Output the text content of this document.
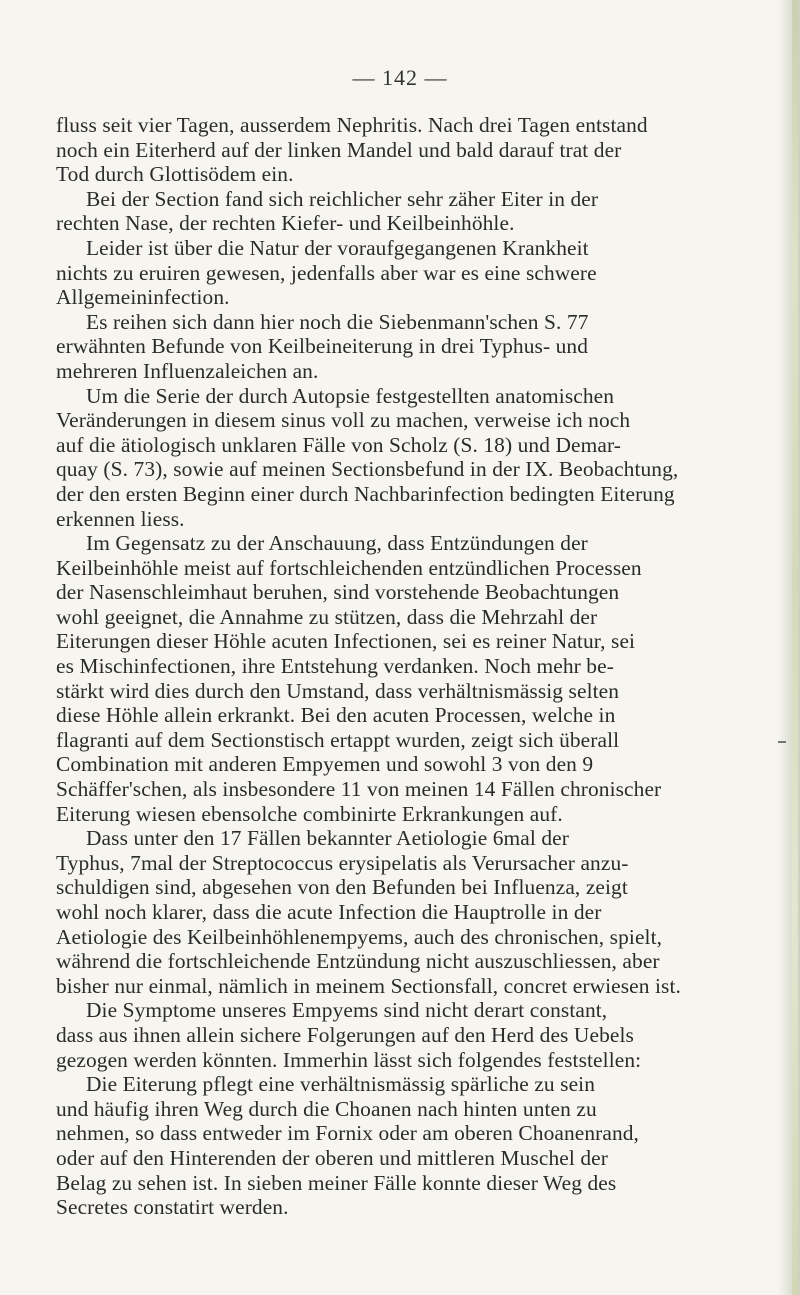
— 142 —
fluss seit vier Tagen, ausserdem Nephritis. Nach drei Tagen entstand
noch ein Eiterherd auf der linken Mandel und bald darauf trat der
Tod durch Glottisödem ein.
Bei der Section fand sich reichlicher sehr zäher Eiter in der
rechten Nase, der rechten Kiefer- und Keilbeinhöhle.
Leider ist über die Natur der voraufgegangenen Krankheit
nichts zu eruiren gewesen, jedenfalls aber war es eine schwere
Allgemeininfection.
Es reihen sich dann hier noch die Siebenmann'schen S. 77
erwähnten Befunde von Keilbeineiterung in drei Typhus- und
mehreren Influenzaleichen an.
Um die Serie der durch Autopsie festgestellten anatomischen
Veränderungen in diesem sinus voll zu machen, verweise ich noch
auf die ätiologisch unklaren Fälle von Scholz (S. 18) und Demar-
quay (S. 73), sowie auf meinen Sectionsbefund in der IX. Beobachtung,
der den ersten Beginn einer durch Nachbarinfection bedingten Eiterung
erkennen liess.
Im Gegensatz zu der Anschauung, dass Entzündungen der
Keilbeinhöhle meist auf fortschleichenden entzündlichen Processen
der Nasenschleimhaut beruhen, sind vorstehende Beobachtungen
wohl geeignet, die Annahme zu stützen, dass die Mehrzahl der
Eiterungen dieser Höhle acuten Infectionen, sei es reiner Natur, sei
es Mischinfectionen, ihre Entstehung verdanken. Noch mehr be-
stärkt wird dies durch den Umstand, dass verhältnismässig selten
diese Höhle allein erkrankt. Bei den acuten Processen, welche in
flagranti auf dem Sectionstisch ertappt wurden, zeigt sich überall
Combination mit anderen Empyemen und sowohl 3 von den 9
Schäffer'schen, als insbesondere 11 von meinen 14 Fällen chronischer
Eiterung wiesen ebensolche combinirte Erkrankungen auf.
Dass unter den 17 Fällen bekannter Aetiologie 6mal der
Typhus, 7mal der Streptococcus erysipelatis als Verursacher anzu-
schuldigen sind, abgesehen von den Befunden bei Influenza, zeigt
wohl noch klarer, dass die acute Infection die Hauptrolle in der
Aetiologie des Keilbeinhöhlenempyems, auch des chronischen, spielt,
während die fortschleichende Entzündung nicht auszuschliessen, aber
bisher nur einmal, nämlich in meinem Sectionsfall, concret erwiesen ist.
Die Symptome unseres Empyems sind nicht derart constant,
dass aus ihnen allein sichere Folgerungen auf den Herd des Uebels
gezogen werden könnten. Immerhin lässt sich folgendes feststellen:
Die Eiterung pflegt eine verhältnismässig spärliche zu sein
und häufig ihren Weg durch die Choanen nach hinten unten zu
nehmen, so dass entweder im Fornix oder am oberen Choanenrand,
oder auf den Hinterenden der oberen und mittleren Muschel der
Belag zu sehen ist. In sieben meiner Fälle konnte dieser Weg des
Secretes constatirt werden.
